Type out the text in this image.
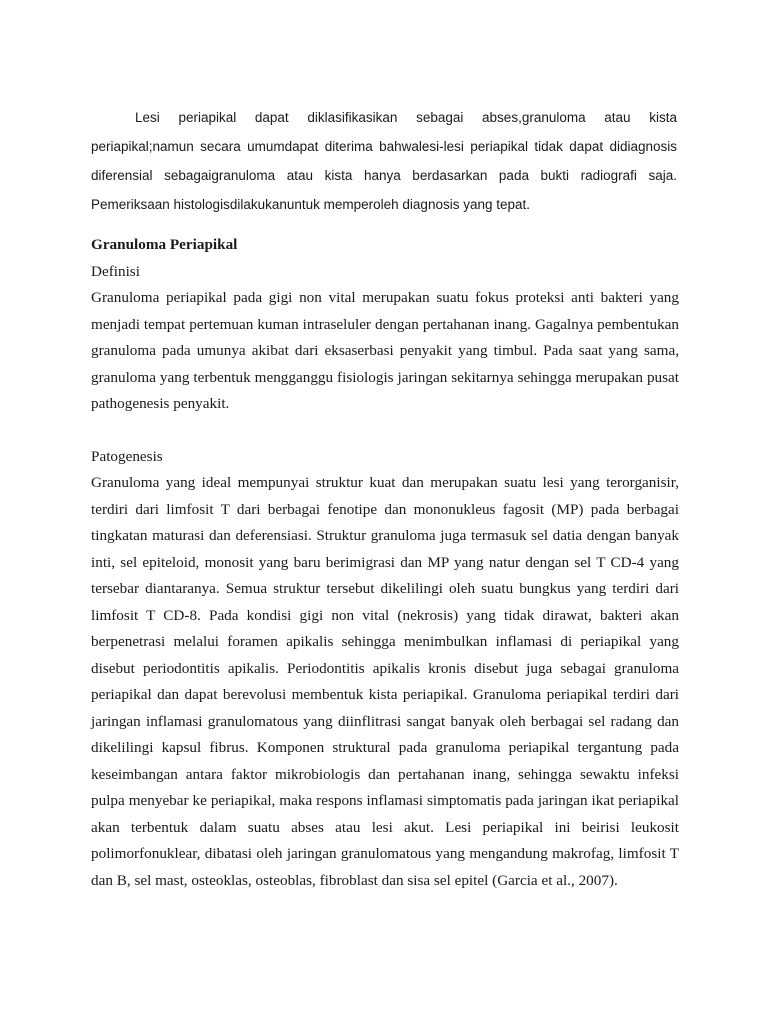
Lesi periapikal dapat diklasifikasikan sebagai abses,granuloma atau kista periapikal;namun secara umumdapat diterima bahwalesi-lesi periapikal tidak dapat didiagnosis diferensial sebagaigranuloma atau kista hanya berdasarkan pada bukti radiografi saja. Pemeriksaan histologisdilakukanuntuk memperoleh diagnosis yang tepat.

Granuloma Periapikal

Definisi

Granuloma periapikal pada gigi non vital merupakan suatu fokus proteksi anti bakteri yang menjadi tempat pertemuan kuman intraseluler dengan pertahanan inang. Gagalnya pembentukan granuloma pada umunya akibat dari eksaserbasi penyakit yang timbul. Pada saat yang sama, granuloma yang terbentuk mengganggu fisiologis jaringan sekitarnya sehingga merupakan pusat pathogenesis penyakit.

Patogenesis

Granuloma yang ideal mempunyai struktur kuat dan merupakan suatu lesi yang terorganisir, terdiri dari limfosit T dari berbagai fenotipe dan mononukleus fagosit (MP) pada berbagai tingkatan maturasi dan deferensiasi. Struktur granuloma juga termasuk sel datia dengan banyak inti, sel epiteloid, monosit yang baru berimigrasi dan MP yang natur dengan sel T CD-4 yang tersebar diantaranya. Semua struktur tersebut dikelilingi oleh suatu bungkus yang terdiri dari limfosit T CD-8. Pada kondisi gigi non vital (nekrosis) yang tidak dirawat, bakteri akan berpenetrasi melalui foramen apikalis sehingga menimbulkan inflamasi di periapikal yang disebut periodontitis apikalis. Periodontitis apikalis kronis disebut juga sebagai granuloma periapikal dan dapat berevolusi membentuk kista periapikal. Granuloma periapikal terdiri dari jaringan inflamasi granulomatous yang diinflitrasi sangat banyak oleh berbagai sel radang dan dikelilingi kapsul fibrus. Komponen struktural pada granuloma periapikal tergantung pada keseimbangan antara faktor mikrobiologis dan pertahanan inang, sehingga sewaktu infeksi pulpa menyebar ke periapikal, maka respons inflamasi simptomatis pada jaringan ikat periapikal akan terbentuk dalam suatu abses atau lesi akut. Lesi periapikal ini beirisi leukosit polimorfonuklear, dibatasi oleh jaringan granulomatous yang mengandung makrofag, limfosit T dan B, sel mast, osteoklas, osteoblas, fibroblast dan sisa sel epitel (Garcia et al., 2007).
